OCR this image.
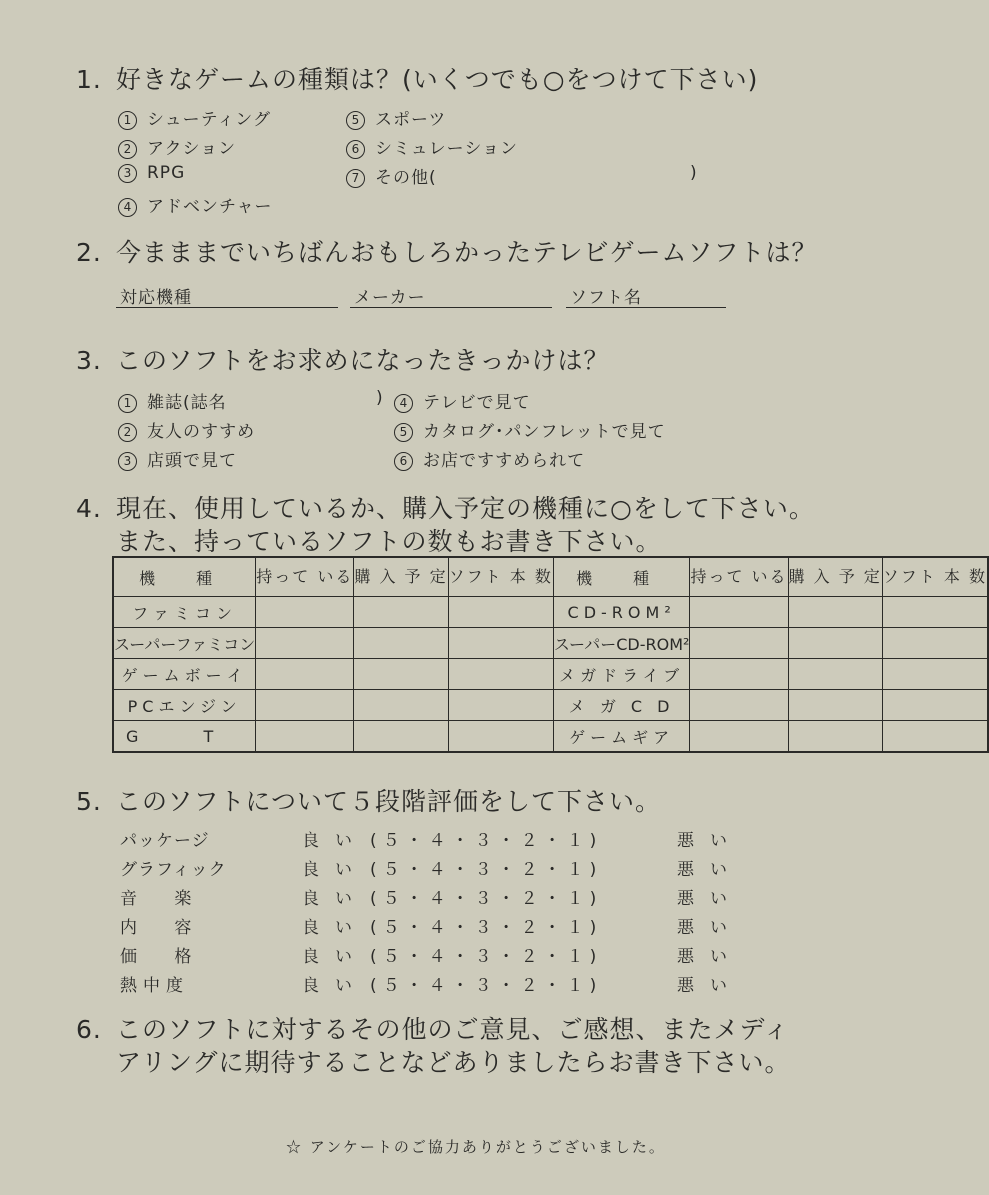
1. 好きなゲームの種類は？(いくつでも○をつけて下さい)
1 シューティング
2 アクション
3 RPG
4 アドベンチャー
5 スポーツ
6 シミュレーション
7 その他(	)
2. 今まままでいちばんおもしろかったテレビゲームソフトは？
対応機種	メーカー	ソフト名
3. このソフトをお求めになったきっかけは？
1 雑誌(誌名	)
2 友人のすすめ
3 店頭で見て
4 テレビで見て
5 カタログ･パンフレットで見て
6 お店ですすめられて
4. 現在、使用しているか、購入予定の機種に○をして下さい。
また、持っているソフトの数もお書き下さい。
機 種	持って いる	購 入 予 定	ソフト 本 数	機 種	持って いる	購 入 予 定	ソフト 本 数
ファミコン				CD-ROM²			
スーパーファミコン				スーパーCD-ROM²			
ゲームボーイ				メガドライブ			
PCエンジン				メ ガ C D			
G T				ゲームギア			
5. このソフトについて５段階評価をして下さい。
パッケージ	良い (５・４・３・２・１)	悪い
グラフィック	良い (５・４・３・２・１)	悪い
音 楽	良い (５・４・３・２・１)	悪い
内 容	良い (５・４・３・２・１)	悪い
価 格	良い (５・４・３・２・１)	悪い
熱中度	良い (５・４・３・２・１)	悪い
6. このソフトに対するその他のご意見、ご感想、またメディ
アリングに期待することなどありましたらお書き下さい。
☆ アンケートのご協力ありがとうございました。
